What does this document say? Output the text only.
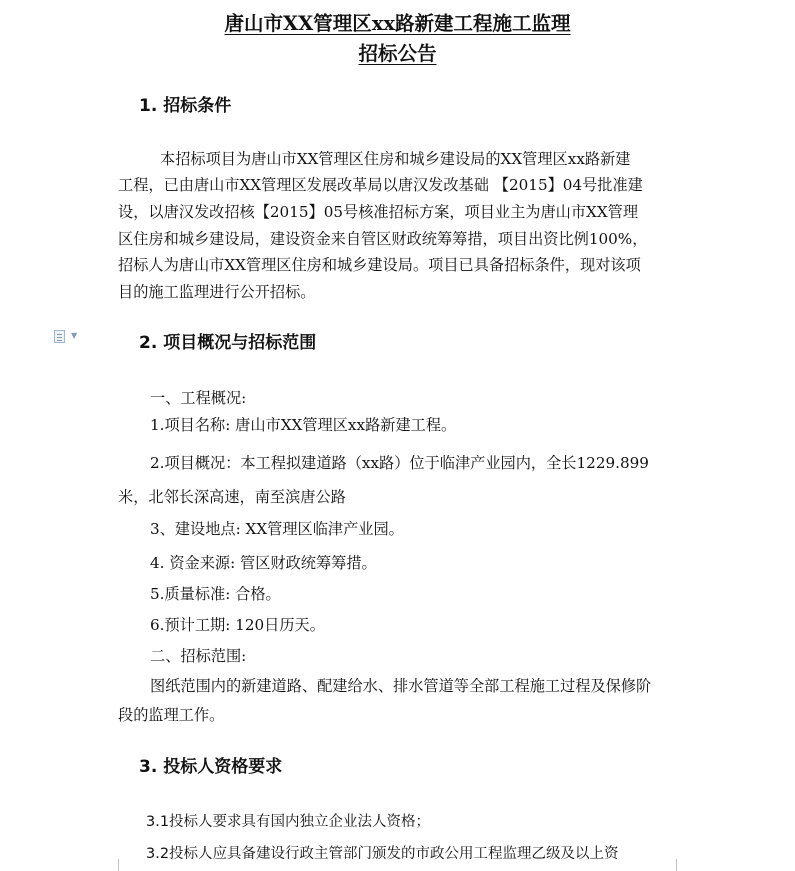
唐山市XX管理区xx路新建工程施工监理
招标公告
1. 招标条件
本招标项目为唐山市XX管理区住房和城乡建设局的XX管理区xx路新建
工程，已由唐山市XX管理区发展改革局以唐汉发改基础 【2015】04号批准建
设，以唐汉发改招核【2015】05号核准招标方案，项目业主为唐山市XX管理
区住房和城乡建设局，建设资金来自管区财政统筹筹措，项目出资比例100%，
招标人为唐山市XX管理区住房和城乡建设局。项目已具备招标条件，现对该项
目的施工监理进行公开招标。
▼	2. 项目概况与招标范围
一、工程概况:
1.项目名称: 唐山市XX管理区xx路新建工程。
2.项目概况：本工程拟建道路（xx路）位于临津产业园内，全长1229.899
米，北邻长深高速，南至滨唐公路
3、建设地点: XX管理区临津产业园。
4. 资金来源: 管区财政统筹筹措。
5.质量标准: 合格。
6.预计工期: 120日历天。
二、招标范围:
图纸范围内的新建道路、配建给水、排水管道等全部工程施工过程及保修阶
段的监理工作。
3. 投标人资格要求
3.1投标人要求具有国内独立企业法人资格；
3.2投标人应具备建设行政主管部门颁发的市政公用工程监理乙级及以上资
